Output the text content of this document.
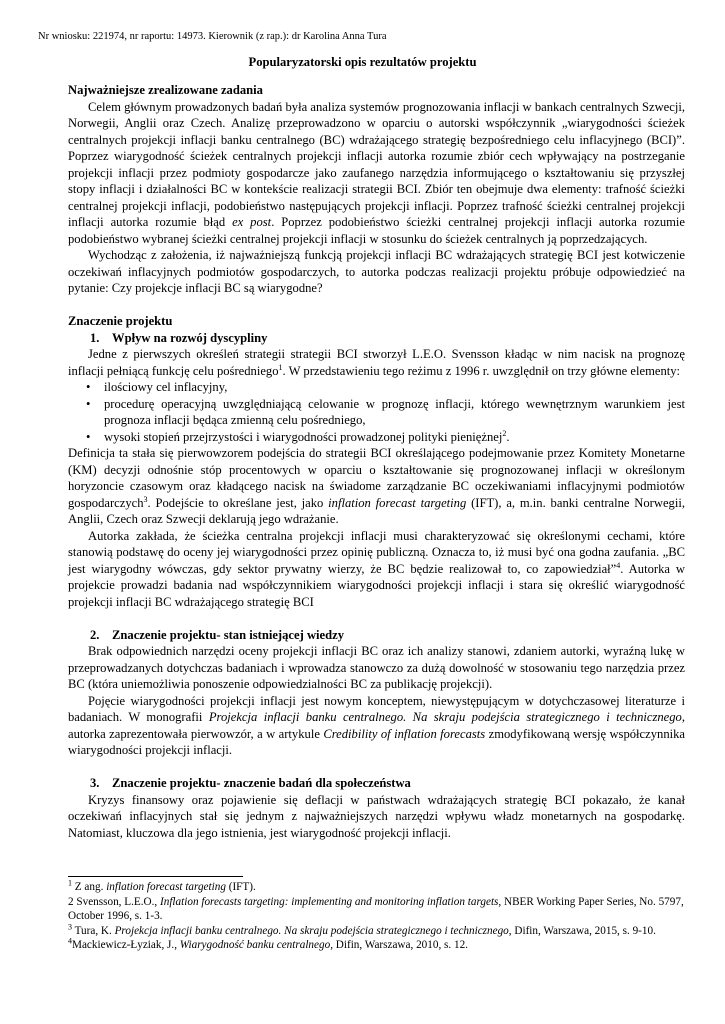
Nr wniosku: 221974, nr raportu: 14973. Kierownik (z rap.): dr Karolina Anna Tura
Popularyzatorski opis rezultatów projektu
Najważniejsze zrealizowane zadania

Celem głównym prowadzonych badań była analiza systemów prognozowania inflacji w bankach centralnych Szwecji, Norwegii, Anglii oraz Czech. Analizę przeprowadzono w oparciu o autorski współczynnik „wiarygodności ścieżek centralnych projekcji inflacji banku centralnego (BC) wdrażającego strategię bezpośredniego celu inflacyjnego (BCI)”. Poprzez wiarygodność ścieżek centralnych projekcji inflacji autorka rozumie zbiór cech wpływający na postrzeganie projekcji inflacji przez podmioty gospodarcze jako zaufanego narzędzia informującego o kształtowaniu się przyszłej stopy inflacji i działalności BC w kontekście realizacji strategii BCI. Zbiór ten obejmuje dwa elementy: trafność ścieżki centralnej projekcji inflacji, podobieństwo następujących projekcji inflacji. Poprzez trafność ścieżki centralnej projekcji inflacji autorka rozumie błąd ex post. Poprzez podobieństwo ścieżki centralnej projekcji inflacji autorka rozumie podobieństwo wybranej ścieżki centralnej projekcji inflacji w stosunku do ścieżek centralnych ją poprzedzających.

Wychodząc z założenia, iż najważniejszą funkcją projekcji inflacji BC wdrażających strategię BCI jest kotwiczenie oczekiwań inflacyjnych podmiotów gospodarczych, to autorka podczas realizacji projektu próbuje odpowiedzieć na pytanie: Czy projekcje inflacji BC są wiarygodne?

Znaczenie projektu
1. Wpływ na rozwój dyscypliny

Jedne z pierwszych określeń strategii strategii BCI stworzył L.E.O. Svensson kładąc w nim nacisk na prognozę inflacji pełniącą funkcję celu pośredniego$^1$. W przedstawieniu tego reżimu z 1996 r. uwzględnił on trzy główne elementy:

• ilościowy cel inflacyjny,
• procedurę operacyjną uwzględniającą celowanie w prognozę inflacji, którego wewnętrznym warunkiem jest prognoza inflacji będąca zmienną celu pośredniego,
• wysoki stopień przejrzystości i wiarygodności prowadzonej polityki pieniężnej$^2$.

Definicja ta stała się pierwowzorem podejścia do strategii BCI określającego podejmowanie przez Komitety Monetarne (KM) decyzji odnośnie stóp procentowych w oparciu o kształtowanie się prognozowanej inflacji w określonym horyzoncie czasowym oraz kładącego nacisk na świadome zarządzanie BC oczekiwaniami inflacyjnymi podmiotów gospodarczych$^3$. Podejście to określane jest, jako inflation forecast targeting (IFT), a, m.in. banki centralne Norwegii, Anglii, Czech oraz Szwecji deklarują jego wdrażanie.

Autorka zakłada, że ścieżka centralna projekcji inflacji musi charakteryzować się określonymi cechami, które stanowią podstawę do oceny jej wiarygodności przez opinię publiczną. Oznacza to, iż musi być ona godna zaufania. „BC jest wiarygodny wówczas, gdy sektor prywatny wierzy, że BC będzie realizował to, co zapowiedział”$^4$. Autorka w projekcie prowadzi badania nad współczynnikiem wiarygodności projekcji inflacji i stara się określić wiarygodność projekcji inflacji BC wdrażającego strategię BCI

2. Znaczenie projektu- stan istniejącej wiedzy

Brak odpowiednich narzędzi oceny projekcji inflacji BC oraz ich analizy stanowi, zdaniem autorki, wyraźną lukę w przeprowadzanych dotychczas badaniach i wprowadza stanowczo za dużą dowolność w stosowaniu tego narzędzia przez BC (która uniemożliwia ponoszenie odpowiedzialności BC za publikację projekcji).

Pojęcie wiarygodności projekcji inflacji jest nowym konceptem, niewystępującym w dotychczasowej literaturze i badaniach. W monografii Projekcja inflacji banku centralnego. Na skraju podejścia strategicznego i technicznego, autorka zaprezentowała pierwowzór, a w artykule Credibility of inflation forecasts zmodyfikowaną wersję współczynnika wiarygodności projekcji inflacji.

3. Znaczenie projektu- znaczenie badań dla społeczeństwa

Kryzys finansowy oraz pojawienie się deflacji w państwach wdrażających strategię BCI pokazało, że kanał oczekiwań inflacyjnych stał się jednym z najważniejszych narzędzi wpływu władz monetarnych na gospodarkę. Natomiast, kluczowa dla jego istnienia, jest wiarygodność projekcji inflacji.

$^1$ Z ang. inflation forecast targeting (IFT).
2 Svensson, L.E.O., Inflation forecasts targeting: implementing and monitoring inflation targets, NBER Working Paper Series, No. 5797, October 1996, s. 1-3.
$^3$ Tura, K. Projekcja inflacji banku centralnego. Na skraju podejścia strategicznego i technicznego, Difin, Warszawa, 2015, s. 9-10.
$^4$Mackiewicz-Łyziak, J., Wiarygodność banku centralnego, Difin, Warszawa, 2010, s. 12.
